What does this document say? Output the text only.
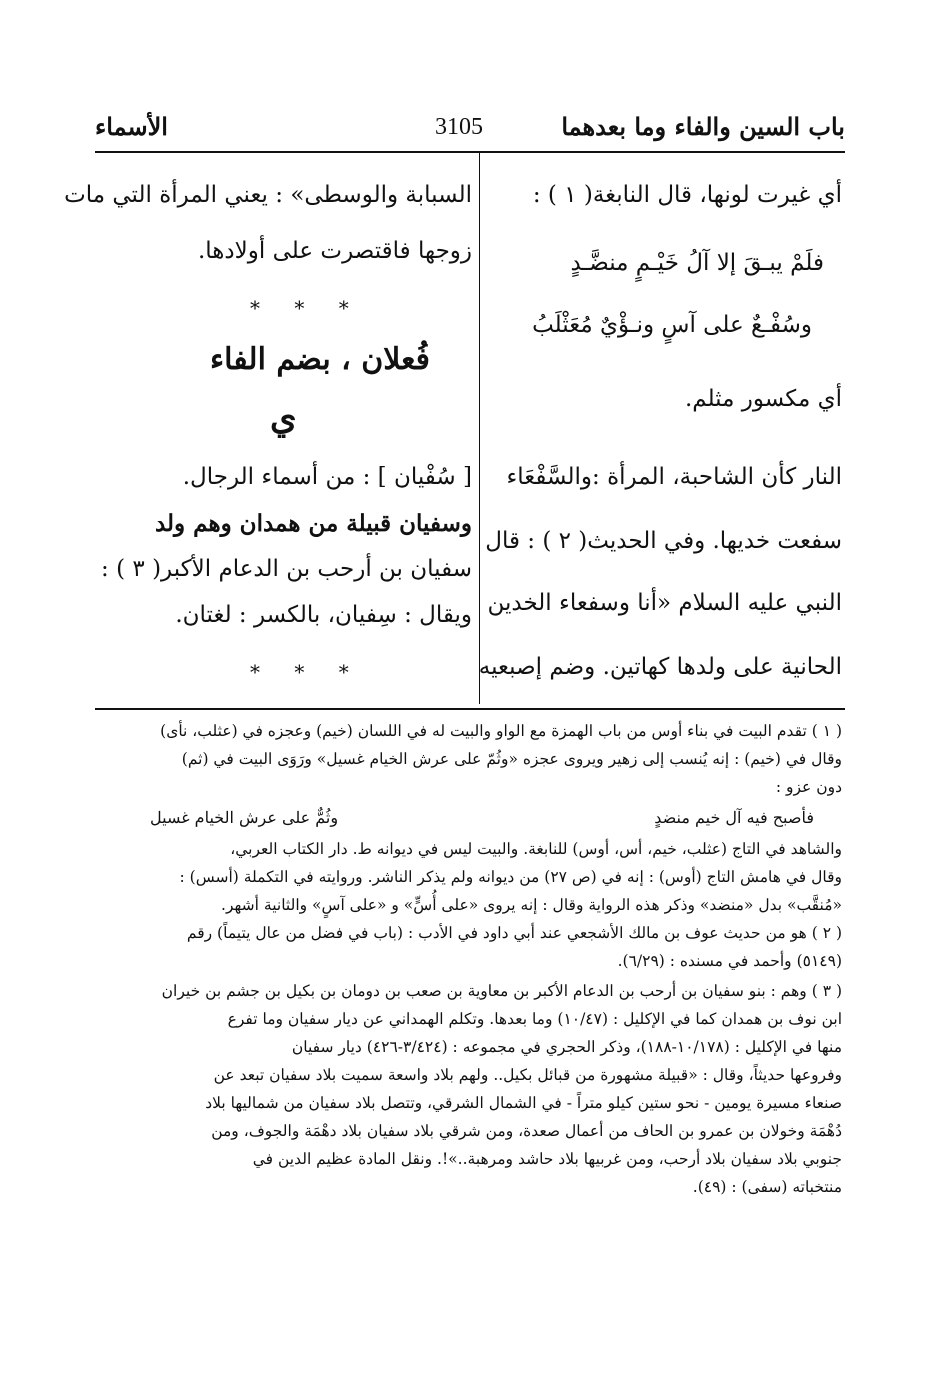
باب السين والفاء وما بعدهما
3105
الأسماء
أي غيرت لونها، قال النابغة( ١ ) :
فلَمْ يبـقَ إلا آلُ خَيْـمٍ منضَّـدٍ
وسُفْـعٌ على آسٍ ونـؤْيٌ مُعَثْلَبُ
أي مكسور مثلم.
النار كأن الشاحبة، المرأة :والسَّفْعَاء
سفعت خديها. وفي الحديث( ٢ ) : قال
النبي عليه السلام «أنا وسفعاء الخدين
الحانية على ولدها كهاتين. وضم إصبعيه
السبابة والوسطى» : يعني المرأة التي مات
زوجها فاقتصرت على أولادها.
* * *
فُعلان ، بضم الفاء
ي
[ سُفْيان ] : من أسماء الرجال.
وسفيان قبيلة من همدان وهم ولد
سفيان بن أرحب بن الدعام الأكبر( ٣ ) :
ويقال : سِفيان، بالكسر : لغتان.
* * *
( ١ ) تقدم البيت في بناء أوس من باب الهمزة مع الواو والبيت له في اللسان (خيم) وعجزه في (عثلب، نأى)
وقال في (خيم) : إنه يُنسب إلى زهير ويروى عجزه «وثُمّ على عرش الخيام غسيل» ورَوَى البيت في (ثم)
دون عزو :
فأصبح فيه آل خيم منضدٍ
وثُمٌّ على عرش الخيام غسيل
والشاهد في التاج (عثلب، خيم، أس، أوس) للنابغة. والبيت ليس في ديوانه ط. دار الكتاب العربي،
وقال في هامش التاج (أوس) : إنه في (ص ٢٧) من ديوانه ولم يذكر الناشر. وروايته في التكملة (أسس) :
«مُنقَّب» بدل «منضد» وذكر هذه الرواية وقال : إنه يروى «على أُسٍّ» و «على آسٍ» والثانية أشهر.
( ٢ ) هو من حديث عوف بن مالك الأشجعي عند أبي داود في الأدب : (باب في فضل من عال يتيماً) رقم
(٥١٤٩) وأحمد في مسنده : (٦/٢٩).
( ٣ ) وهم : بنو سفيان بن أرحب بن الدعام الأكبر بن معاوية بن صعب بن دومان بن بكيل بن جشم بن خيران
ابن نوف بن همدان كما في الإكليل : (١٠/٤٧) وما بعدها. وتكلم الهمداني عن ديار سفيان وما تفرع
منها في الإكليل : (١٠/١٧٨-١٨٨)، وذكر الحجري في مجموعه : (٣/٤٢٤-٤٢٦) ديار سفيان
وفروعها حديثاً، وقال : «قبيلة مشهورة من قبائل بكيل.. ولهم بلاد واسعة سميت بلاد سفيان تبعد عن
صنعاء مسيرة يومين - نحو ستين كيلو متراً - في الشمال الشرقي، وتتصل بلاد سفيان من شماليها بلاد
دُهْمَة وخولان بن عمرو بن الحاف من أعمال صعدة، ومن شرقي بلاد سفيان بلاد دهْمَة والجوف، ومن
جنوبي بلاد سفيان بلاد أرحب، ومن غربيها بلاد حاشد ومرهبة..»!. ونقل المادة عظيم الدين في
منتخباته (سفى) : (٤٩).
